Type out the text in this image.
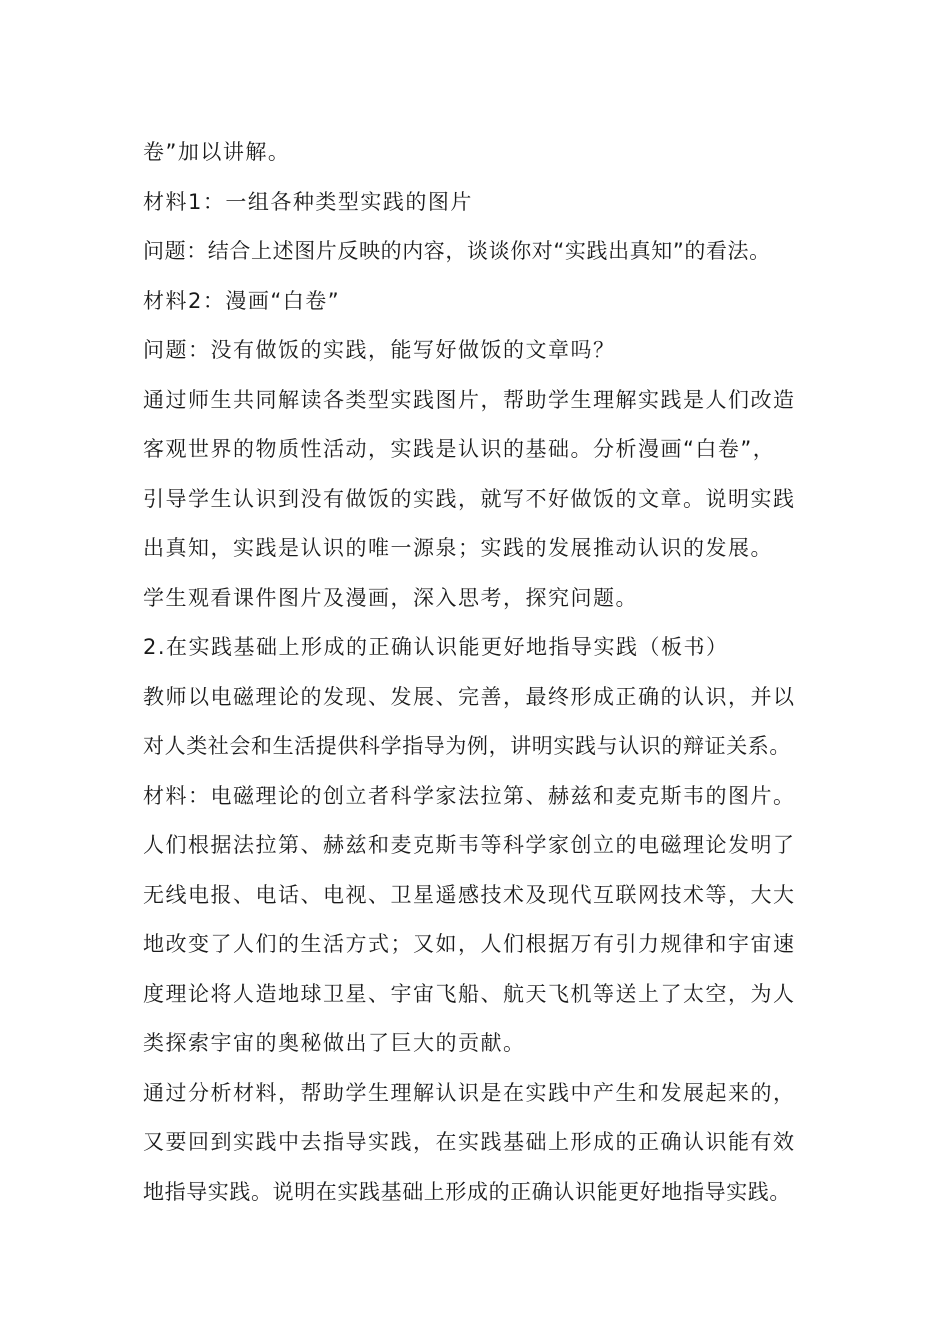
卷”加以讲解。

材料1：一组各种类型实践的图片

问题：结合上述图片反映的内容，谈谈你对“实践出真知”的看法。

材料2：漫画“白卷”

问题：没有做饭的实践，能写好做饭的文章吗？

通过师生共同解读各类型实践图片，帮助学生理解实践是人们改造

客观世界的物质性活动，实践是认识的基础。分析漫画“白卷”，

引导学生认识到没有做饭的实践，就写不好做饭的文章。说明实践

出真知，实践是认识的唯一源泉；实践的发展推动认识的发展。

学生观看课件图片及漫画，深入思考，探究问题。

2.在实践基础上形成的正确认识能更好地指导实践（板书）

教师以电磁理论的发现、发展、完善，最终形成正确的认识，并以

对人类社会和生活提供科学指导为例，讲明实践与认识的辩证关系。

材料：电磁理论的创立者科学家法拉第、赫兹和麦克斯韦的图片。

人们根据法拉第、赫兹和麦克斯韦等科学家创立的电磁理论发明了

无线电报、电话、电视、卫星遥感技术及现代互联网技术等，大大

地改变了人们的生活方式；又如，人们根据万有引力规律和宇宙速

度理论将人造地球卫星、宇宙飞船、航天飞机等送上了太空，为人

类探索宇宙的奥秘做出了巨大的贡献。

通过分析材料，帮助学生理解认识是在实践中产生和发展起来的，

又要回到实践中去指导实践，在实践基础上形成的正确认识能有效

地指导实践。说明在实践基础上形成的正确认识能更好地指导实践。
